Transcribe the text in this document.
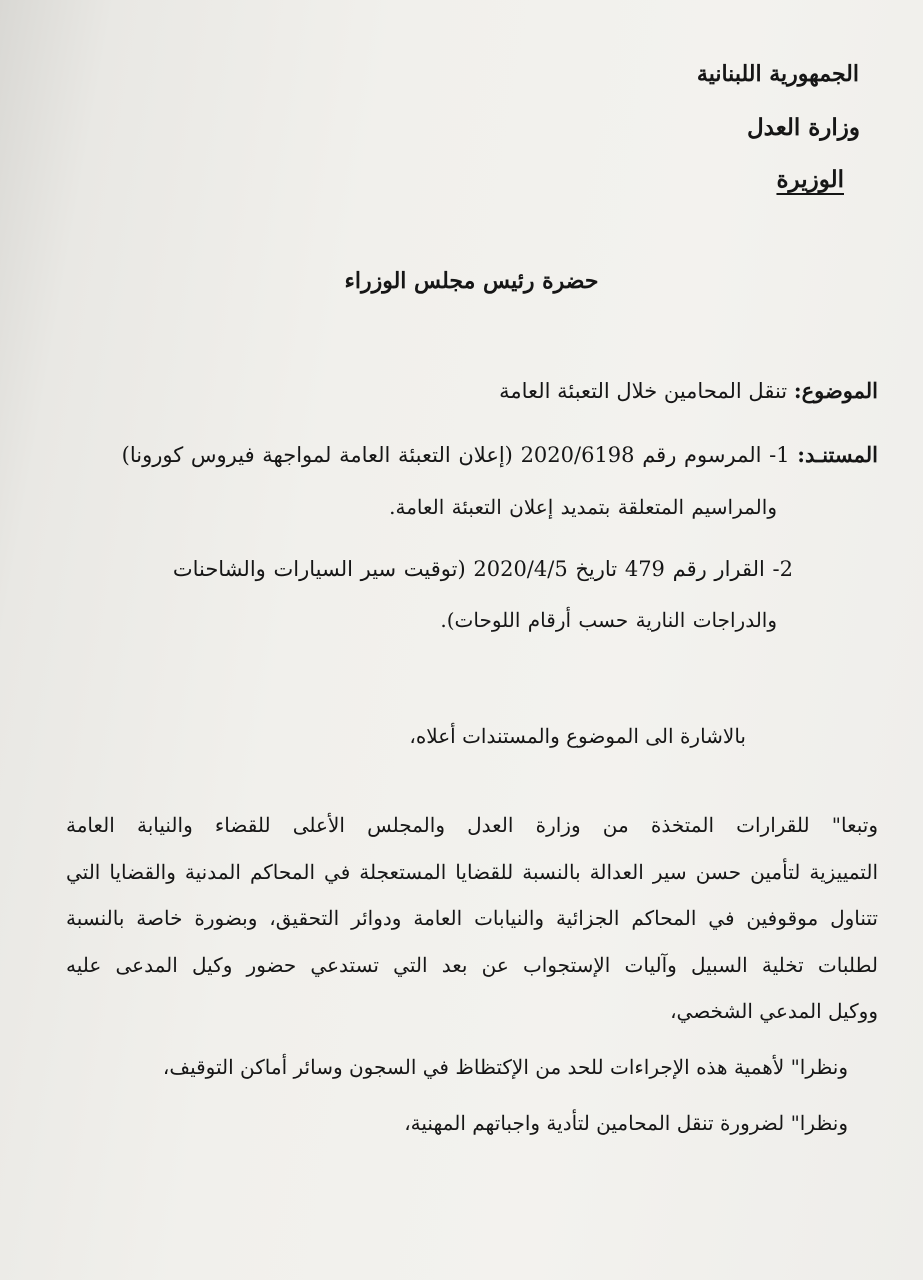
الجمهورية اللبنانية
وزارة العدل
الوزيرة
حضرة رئيس مجلس الوزراء
الموضوع: تنقل المحامين خلال التعبئة العامة
المستنـد: 1- المرسوم رقم 2020/6198 (إعلان التعبئة العامة لمواجهة فيروس كورونا)
والمراسيم المتعلقة بتمديد إعلان التعبئة العامة.
2- القرار رقم 479 تاريخ 2020/4/5 (توقيت سير السيارات والشاحنات
والدراجات النارية حسب أرقام اللوحات).
بالاشارة الى الموضوع والمستندات أعلاه،
وتبعا" للقرارات المتخذة من وزارة العدل والمجلس الأعلى للقضاء والنيابة العامة
التمييزية لتأمين حسن سير العدالة بالنسبة للقضايا المستعجلة في المحاكم المدنية والقضايا التي
تتناول موقوفين في المحاكم الجزائية والنيابات العامة ودوائر التحقيق، وبضورة خاصة بالنسبة
لطلبات تخلية السبيل وآليات الإستجواب عن بعد التي تستدعي حضور وكيل المدعى عليه
ووكيل المدعي الشخصي،
ونظرا" لأهمية هذه الإجراءات للحد من الإكتظاظ في السجون وسائر أماكن التوقيف،
ونظرا" لضرورة تنقل المحامين لتأدية واجباتهم المهنية،
